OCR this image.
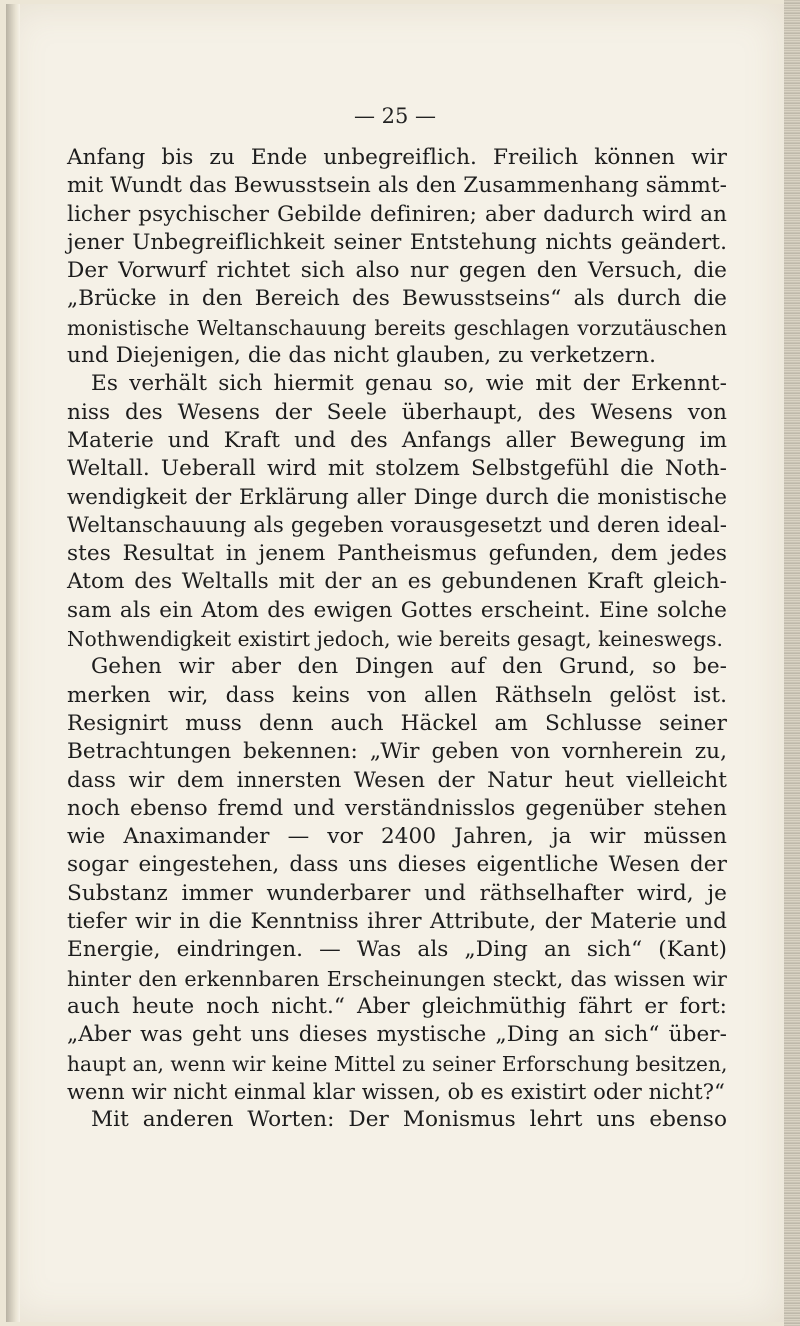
— 25 —

Anfang bis zu Ende unbegreiflich. Freilich können wir
mit Wundt das Bewusstsein als den Zusammenhang sämmt-
licher psychischer Gebilde definiren; aber dadurch wird an
jener Unbegreiflichkeit seiner Entstehung nichts geändert.
Der Vorwurf richtet sich also nur gegen den Versuch, die
„Brücke in den Bereich des Bewusstseins“ als durch die
monistische Weltanschauung bereits geschlagen vorzutäuschen
und Diejenigen, die das nicht glauben, zu verketzern.
Es verhält sich hiermit genau so, wie mit der Erkennt-
niss des Wesens der Seele überhaupt, des Wesens von
Materie und Kraft und des Anfangs aller Bewegung im
Weltall. Ueberall wird mit stolzem Selbstgefühl die Noth-
wendigkeit der Erklärung aller Dinge durch die monistische
Weltanschauung als gegeben vorausgesetzt und deren ideal-
stes Resultat in jenem Pantheismus gefunden, dem jedes
Atom des Weltalls mit der an es gebundenen Kraft gleich-
sam als ein Atom des ewigen Gottes erscheint. Eine solche
Nothwendigkeit existirt jedoch, wie bereits gesagt, keineswegs.
Gehen wir aber den Dingen auf den Grund, so be-
merken wir, dass keins von allen Räthseln gelöst ist.
Resignirt muss denn auch Häckel am Schlusse seiner
Betrachtungen bekennen: „Wir geben von vornherein zu,
dass wir dem innersten Wesen der Natur heut vielleicht
noch ebenso fremd und verständnisslos gegenüber stehen
wie Anaximander — vor 2400 Jahren, ja wir müssen
sogar eingestehen, dass uns dieses eigentliche Wesen der
Substanz immer wunderbarer und räthselhafter wird, je
tiefer wir in die Kenntniss ihrer Attribute, der Materie und
Energie, eindringen. — Was als „Ding an sich“ (Kant)
hinter den erkennbaren Erscheinungen steckt, das wissen wir
auch heute noch nicht.“ Aber gleichmüthig fährt er fort:
„Aber was geht uns dieses mystische „Ding an sich“ über-
haupt an, wenn wir keine Mittel zu seiner Erforschung besitzen,
wenn wir nicht einmal klar wissen, ob es existirt oder nicht?“
Mit anderen Worten: Der Monismus lehrt uns ebenso
